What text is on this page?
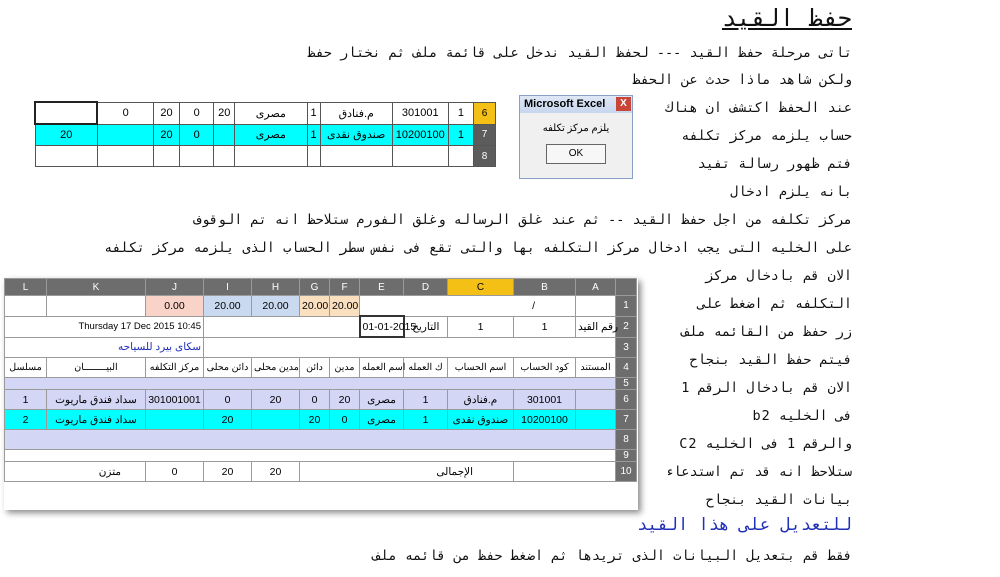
حفظ القيد
تاتى مرحلة حفظ القيد --- لحفظ القيد ندخل على قائمة ملف ثم نختار حفظ
ولكن شاهد ماذا حدث عن الحفظ
عند الحفظ اكتشف ان هناك
حساب يلزمه مركز تكلفه
فتم ظهور رسالة تفيد
بانه يلزم ادخال
مركز تكلفه من اجل حفظ القيد -- ثم عند غلق الرساله وغلق الفورم ستلاحظ انه تم الوقوف
على الخليه التى يجب ادخال مركز التكلفه بها والتى تقع فى نفس سطر الحساب الذى يلزمه مركز تكلفه
الان قم بادخال مركز
التكلفه ثم اضغط على
زر حفظ من القائمه ملف
فيتم حفظ القيد بنجاح
الان قم بادخال الرقم 1
فى الخليه b2
والرقم 1 فى الخليه C2
ستلاحظ انه قد تم استدعاء
بيانات القيد بنجاح
للتعديل على هذا القيد
فقط قم بتعديل البيانات الذى تريدها ثم اضغط حفظ من قائمه ملف
	0	20	0	20	مصرى	1	م.فنادق	301001	1	6
20		20	0		مصرى	1	صندوق نقدى	10200100	1	7
										8
Microsoft Excel	X
يلزم مركز تكلفه
OK
L	K	J	I	H	G	F	E	D	C	B	A	
		0.00	20.00	20.00	20.00	20.00	/					1
Thursday 17 Dec 2015 10:45							01-01-2015	التاريخ	1	1	رقم القيد	2
سكاى بيرد للسياحه												3
مسلسل	البيــــــــان	مركز التكلفه	دائن محلى	مدين محلى	دائن	مدين	اسم العمله	ك العمله	اسم الحساب	كود الحساب	المستند	4
												5
1	سداد فندق ماريوت	301001001	0	20	0	20	مصرى	1	م.فنادق	301001		6
2	سداد فندق ماريوت		20		20	0	مصرى	1	صندوق نقدى	10200100		7
												8
												9
متزن		0	20	20	الإجمالى							10
